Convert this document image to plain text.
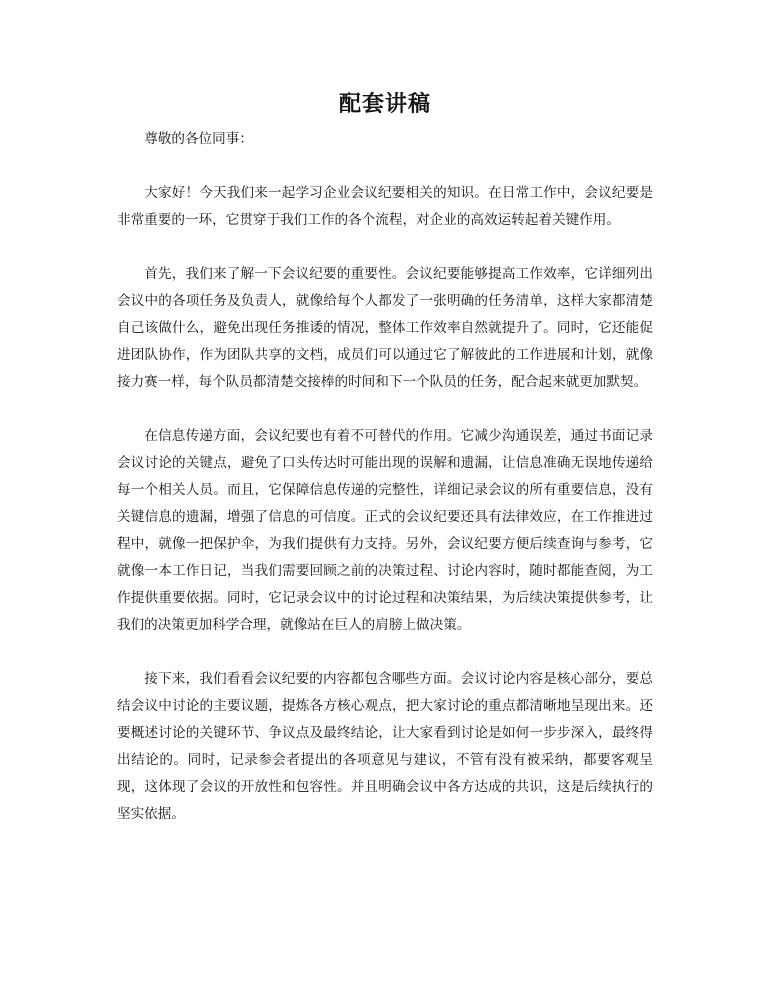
配套讲稿

尊敬的各位同事：

大家好！今天我们来一起学习企业会议纪要相关的知识。在日常工作中，会议纪要是非常重要的一环，它贯穿于我们工作的各个流程，对企业的高效运转起着关键作用。

首先，我们来了解一下会议纪要的重要性。会议纪要能够提高工作效率，它详细列出会议中的各项任务及负责人，就像给每个人都发了一张明确的任务清单，这样大家都清楚自己该做什么，避免出现任务推诿的情况，整体工作效率自然就提升了。同时，它还能促进团队协作，作为团队共享的文档，成员们可以通过它了解彼此的工作进展和计划，就像接力赛一样，每个队员都清楚交接棒的时间和下一个队员的任务，配合起来就更加默契。

在信息传递方面，会议纪要也有着不可替代的作用。它减少沟通误差，通过书面记录会议讨论的关键点，避免了口头传达时可能出现的误解和遗漏，让信息准确无误地传递给每一个相关人员。而且，它保障信息传递的完整性，详细记录会议的所有重要信息，没有关键信息的遗漏，增强了信息的可信度。正式的会议纪要还具有法律效应，在工作推进过程中，就像一把保护伞，为我们提供有力支持。另外，会议纪要方便后续查询与参考，它就像一本工作日记，当我们需要回顾之前的决策过程、讨论内容时，随时都能查阅，为工作提供重要依据。同时，它记录会议中的讨论过程和决策结果，为后续决策提供参考，让我们的决策更加科学合理，就像站在巨人的肩膀上做决策。

接下来，我们看看会议纪要的内容都包含哪些方面。会议讨论内容是核心部分，要总结会议中讨论的主要议题，提炼各方核心观点，把大家讨论的重点都清晰地呈现出来。还要概述讨论的关键环节、争议点及最终结论，让大家看到讨论是如何一步步深入，最终得出结论的。同时，记录参会者提出的各项意见与建议，不管有没有被采纳，都要客观呈现，这体现了会议的开放性和包容性。并且明确会议中各方达成的共识，这是后续执行的坚实依据。
